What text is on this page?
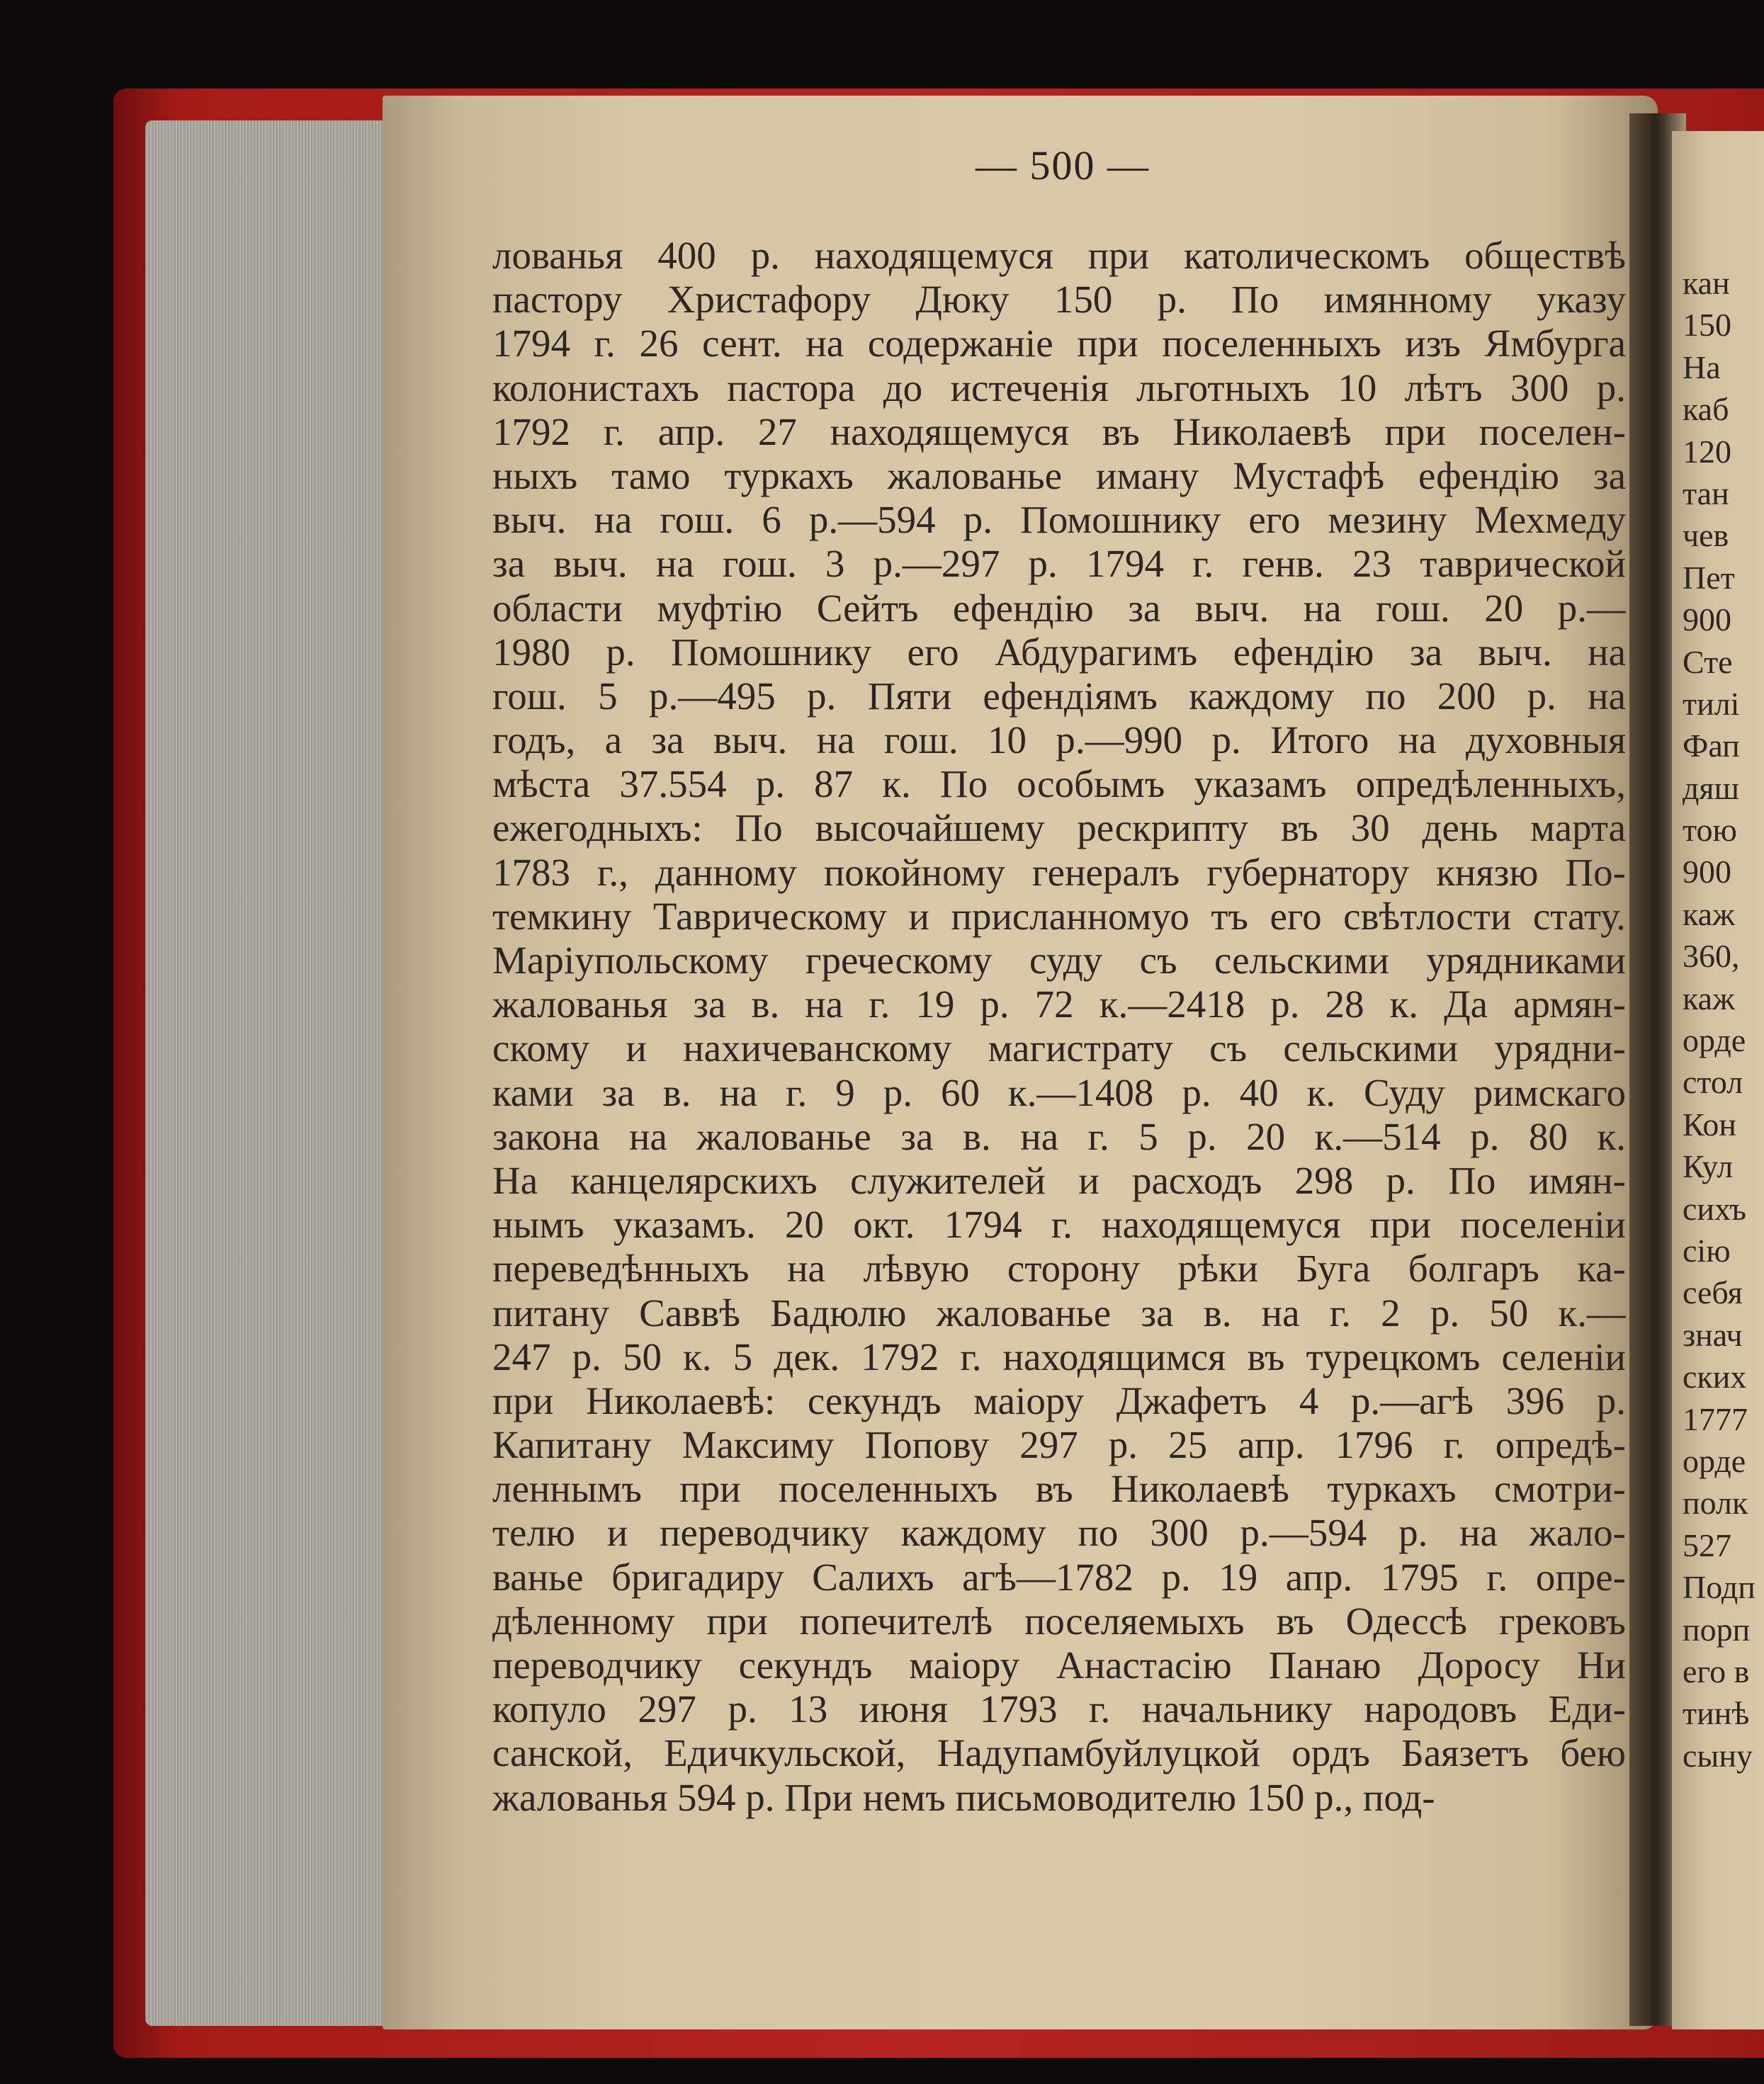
— 500 —
лованья 400 р. находящемуся при католическомъ обществѣ
пастору Христафору Дюку 150 р. По имянному указу
1794 г. 26 сент. на содержаніе при поселенныхъ изъ Ямбурга
колонистахъ пастора до истеченія льготныхъ 10 лѣтъ 300 р.
1792 г. апр. 27 находящемуся въ Николаевѣ при поселен-
ныхъ тамо туркахъ жалованье иману Мустафѣ ефендію за
выч. на гош. 6 р.—594 р. Помошнику его мезину Мехмеду
за выч. на гош. 3 р.—297 р. 1794 г. генв. 23 таврической
области муфтію Сейтъ ефендію за выч. на гош. 20 р.—
1980 р. Помошнику его Абдурагимъ ефендію за выч. на
гош. 5 р.—495 р. Пяти ефендіямъ каждому по 200 р. на
годъ, а за выч. на гош. 10 р.—990 р. Итого на духовныя
мѣста 37.554 р. 87 к. По особымъ указамъ опредѣленныхъ,
ежегодныхъ: По высочайшему рескрипту въ 30 день марта
1783 г., данному покойному генералъ губернатору князю По-
темкину Таврическому и присланномуо тъ его свѣтлости стату.
Маріупольскому греческому суду съ сельскими урядниками
жалованья за в. на г. 19 р. 72 к.—2418 р. 28 к. Да армян-
скому и нахичеванскому магистрату съ сельскими урядни-
ками за в. на г. 9 р. 60 к.—1408 р. 40 к. Суду римскаго
закона на жалованье за в. на г. 5 р. 20 к.—514 р. 80 к.
На канцелярскихъ служителей и расходъ 298 р. По имян-
нымъ указамъ. 20 окт. 1794 г. находящемуся при поселеніи
переведѣнныхъ на лѣвую сторону рѣки Буга болгаръ ка-
питану Саввѣ Бадюлю жалованье за в. на г. 2 р. 50 к.—
247 р. 50 к. 5 дек. 1792 г. находящимся въ турецкомъ селеніи
при Николаевѣ: секундъ маіору Джафетъ 4 р.—агѣ 396 р.
Капитану Максиму Попову 297 р. 25 апр. 1796 г. опредѣ-
леннымъ при поселенныхъ въ Николаевѣ туркахъ смотри-
телю и переводчику каждому по 300 р.—594 р. на жало-
ванье бригадиру Салихъ агѣ—1782 р. 19 апр. 1795 г. опре-
дѣленному при попечителѣ поселяемыхъ въ Одессѣ грековъ
переводчику секундъ маіору Анастасію Панаю Доросу Ни
копуло 297 р. 13 июня 1793 г. начальнику народовъ Еди-
санской, Едичкульской, Надупамбуйлуцкой ордъ Баязетъ бею
жалованья 594 р. При немъ письмоводителю 150 р., под-
кан
150
На
каб
120
тан
чев
Пет
900
Сте
тилі
Фап
дяш
тою
900
каж
360,
каж
орде
стол
Кон
Кул
сихъ
сію
себя
знач
ских
1777
орде
полк
527
Подп
порп
его в
тинѣ
сыну
